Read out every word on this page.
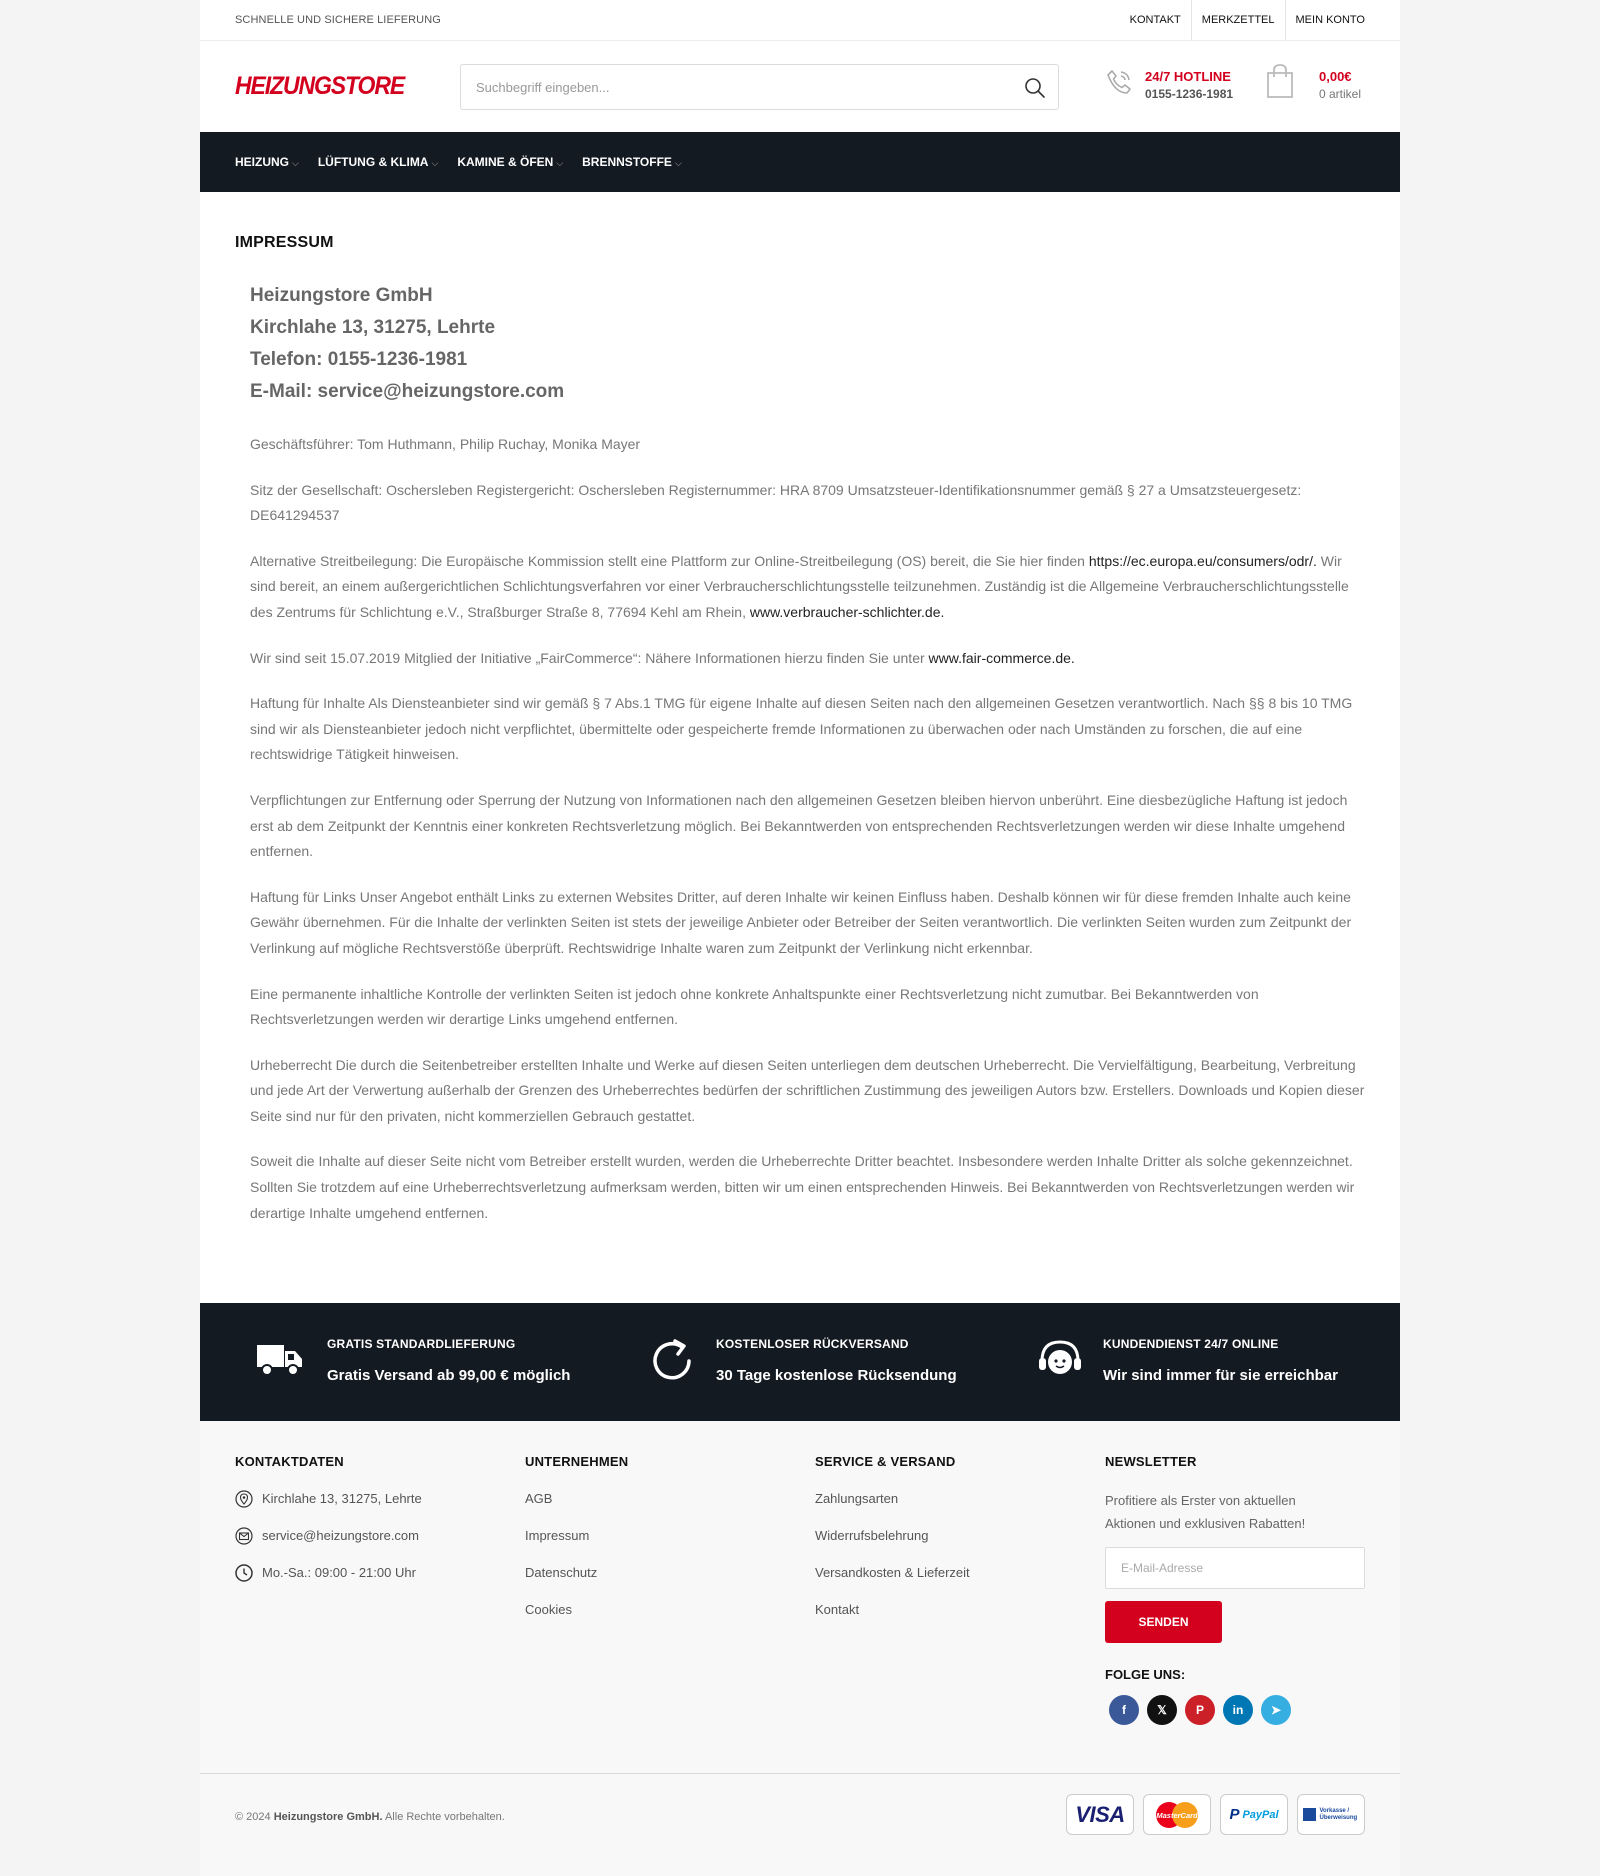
SCHNELLE UND SICHERE LIEFERUNG	KONTAKT	MERKZETTEL	MEIN KONTO
HEIZUNGSTORE
Suchbegriff eingeben...	24/7 HOTLINE
0155-1236-1981
0,00€
0 artikel
HEIZUNG ⌵ LÜFTUNG & KLIMA ⌵ KAMINE & ÖFEN ⌵ BRENNSTOFFE ⌵
IMPRESSUM
Heizungstore GmbH
Kirchlahe 13, 31275, Lehrte
Telefon: 0155-1236-1981
E-Mail: service@heizungstore.com

Geschäftsführer: Tom Huthmann, Philip Ruchay, Monika Mayer

Sitz der Gesellschaft: Oschersleben Registergericht: Oschersleben Registernummer: HRA 8709 Umsatzsteuer-Identifikationsnummer gemäß § 27 a Umsatzsteuergesetz: DE641294537

Alternative Streitbeilegung: Die Europäische Kommission stellt eine Plattform zur Online-Streitbeilegung (OS) bereit, die Sie hier finden https://ec.europa.eu/consumers/odr/. Wir sind bereit, an einem außergerichtlichen Schlichtungsverfahren vor einer Verbraucherschlichtungsstelle teilzunehmen. Zuständig ist die Allgemeine Verbraucherschlichtungsstelle des Zentrums für Schlichtung e.V., Straßburger Straße 8, 77694 Kehl am Rhein, www.verbraucher-schlichter.de.

Wir sind seit 15.07.2019 Mitglied der Initiative „FairCommerce“: Nähere Informationen hierzu finden Sie unter www.fair-commerce.de.

Haftung für Inhalte Als Diensteanbieter sind wir gemäß § 7 Abs.1 TMG für eigene Inhalte auf diesen Seiten nach den allgemeinen Gesetzen verantwortlich. Nach §§ 8 bis 10 TMG sind wir als Diensteanbieter jedoch nicht verpflichtet, übermittelte oder gespeicherte fremde Informationen zu überwachen oder nach Umständen zu forschen, die auf eine rechtswidrige Tätigkeit hinweisen.

Verpflichtungen zur Entfernung oder Sperrung der Nutzung von Informationen nach den allgemeinen Gesetzen bleiben hiervon unberührt. Eine diesbezügliche Haftung ist jedoch erst ab dem Zeitpunkt der Kenntnis einer konkreten Rechtsverletzung möglich. Bei Bekanntwerden von entsprechenden Rechtsverletzungen werden wir diese Inhalte umgehend entfernen.

Haftung für Links Unser Angebot enthält Links zu externen Websites Dritter, auf deren Inhalte wir keinen Einfluss haben. Deshalb können wir für diese fremden Inhalte auch keine Gewähr übernehmen. Für die Inhalte der verlinkten Seiten ist stets der jeweilige Anbieter oder Betreiber der Seiten verantwortlich. Die verlinkten Seiten wurden zum Zeitpunkt der Verlinkung auf mögliche Rechtsverstöße überprüft. Rechtswidrige Inhalte waren zum Zeitpunkt der Verlinkung nicht erkennbar.

Eine permanente inhaltliche Kontrolle der verlinkten Seiten ist jedoch ohne konkrete Anhaltspunkte einer Rechtsverletzung nicht zumutbar. Bei Bekanntwerden von Rechtsverletzungen werden wir derartige Links umgehend entfernen.

Urheberrecht Die durch die Seitenbetreiber erstellten Inhalte und Werke auf diesen Seiten unterliegen dem deutschen Urheberrecht. Die Vervielfältigung, Bearbeitung, Verbreitung und jede Art der Verwertung außerhalb der Grenzen des Urheberrechtes bedürfen der schriftlichen Zustimmung des jeweiligen Autors bzw. Erstellers. Downloads und Kopien dieser Seite sind nur für den privaten, nicht kommerziellen Gebrauch gestattet.

Soweit die Inhalte auf dieser Seite nicht vom Betreiber erstellt wurden, werden die Urheberrechte Dritter beachtet. Insbesondere werden Inhalte Dritter als solche gekennzeichnet. Sollten Sie trotzdem auf eine Urheberrechtsverletzung aufmerksam werden, bitten wir um einen entsprechenden Hinweis. Bei Bekanntwerden von Rechtsverletzungen werden wir derartige Inhalte umgehend entfernen.

GRATIS STANDARDLIEFERUNG
Gratis Versand ab 99,00 € möglich
KOSTENLOSER RÜCKVERSAND
30 Tage kostenlose Rücksendung
KUNDENDIENST 24/7 ONLINE
Wir sind immer für sie erreichbar
KONTAKTDATEN
Kirchlahe 13, 31275, Lehrte
service@heizungstore.com
Mo.-Sa.: 09:00 - 21:00 Uhr
UNTERNEHMEN
AGB
Impressum
Datenschutz
Cookies
SERVICE & VERSAND
Zahlungsarten
Widerrufsbelehrung
Versandkosten & Lieferzeit
Kontakt
NEWSLETTER
Profitiere als Erster von aktuellen Aktionen und exklusiven Rabatten!
E-Mail-Adresse
SENDEN
FOLGE UNS:
f	𝕏	P	in	➤
© 2024 Heizungstore GmbH. Alle Rechte vorbehalten.	VISA	MasterCard P PayPal	Vorkasse / Überweisung
